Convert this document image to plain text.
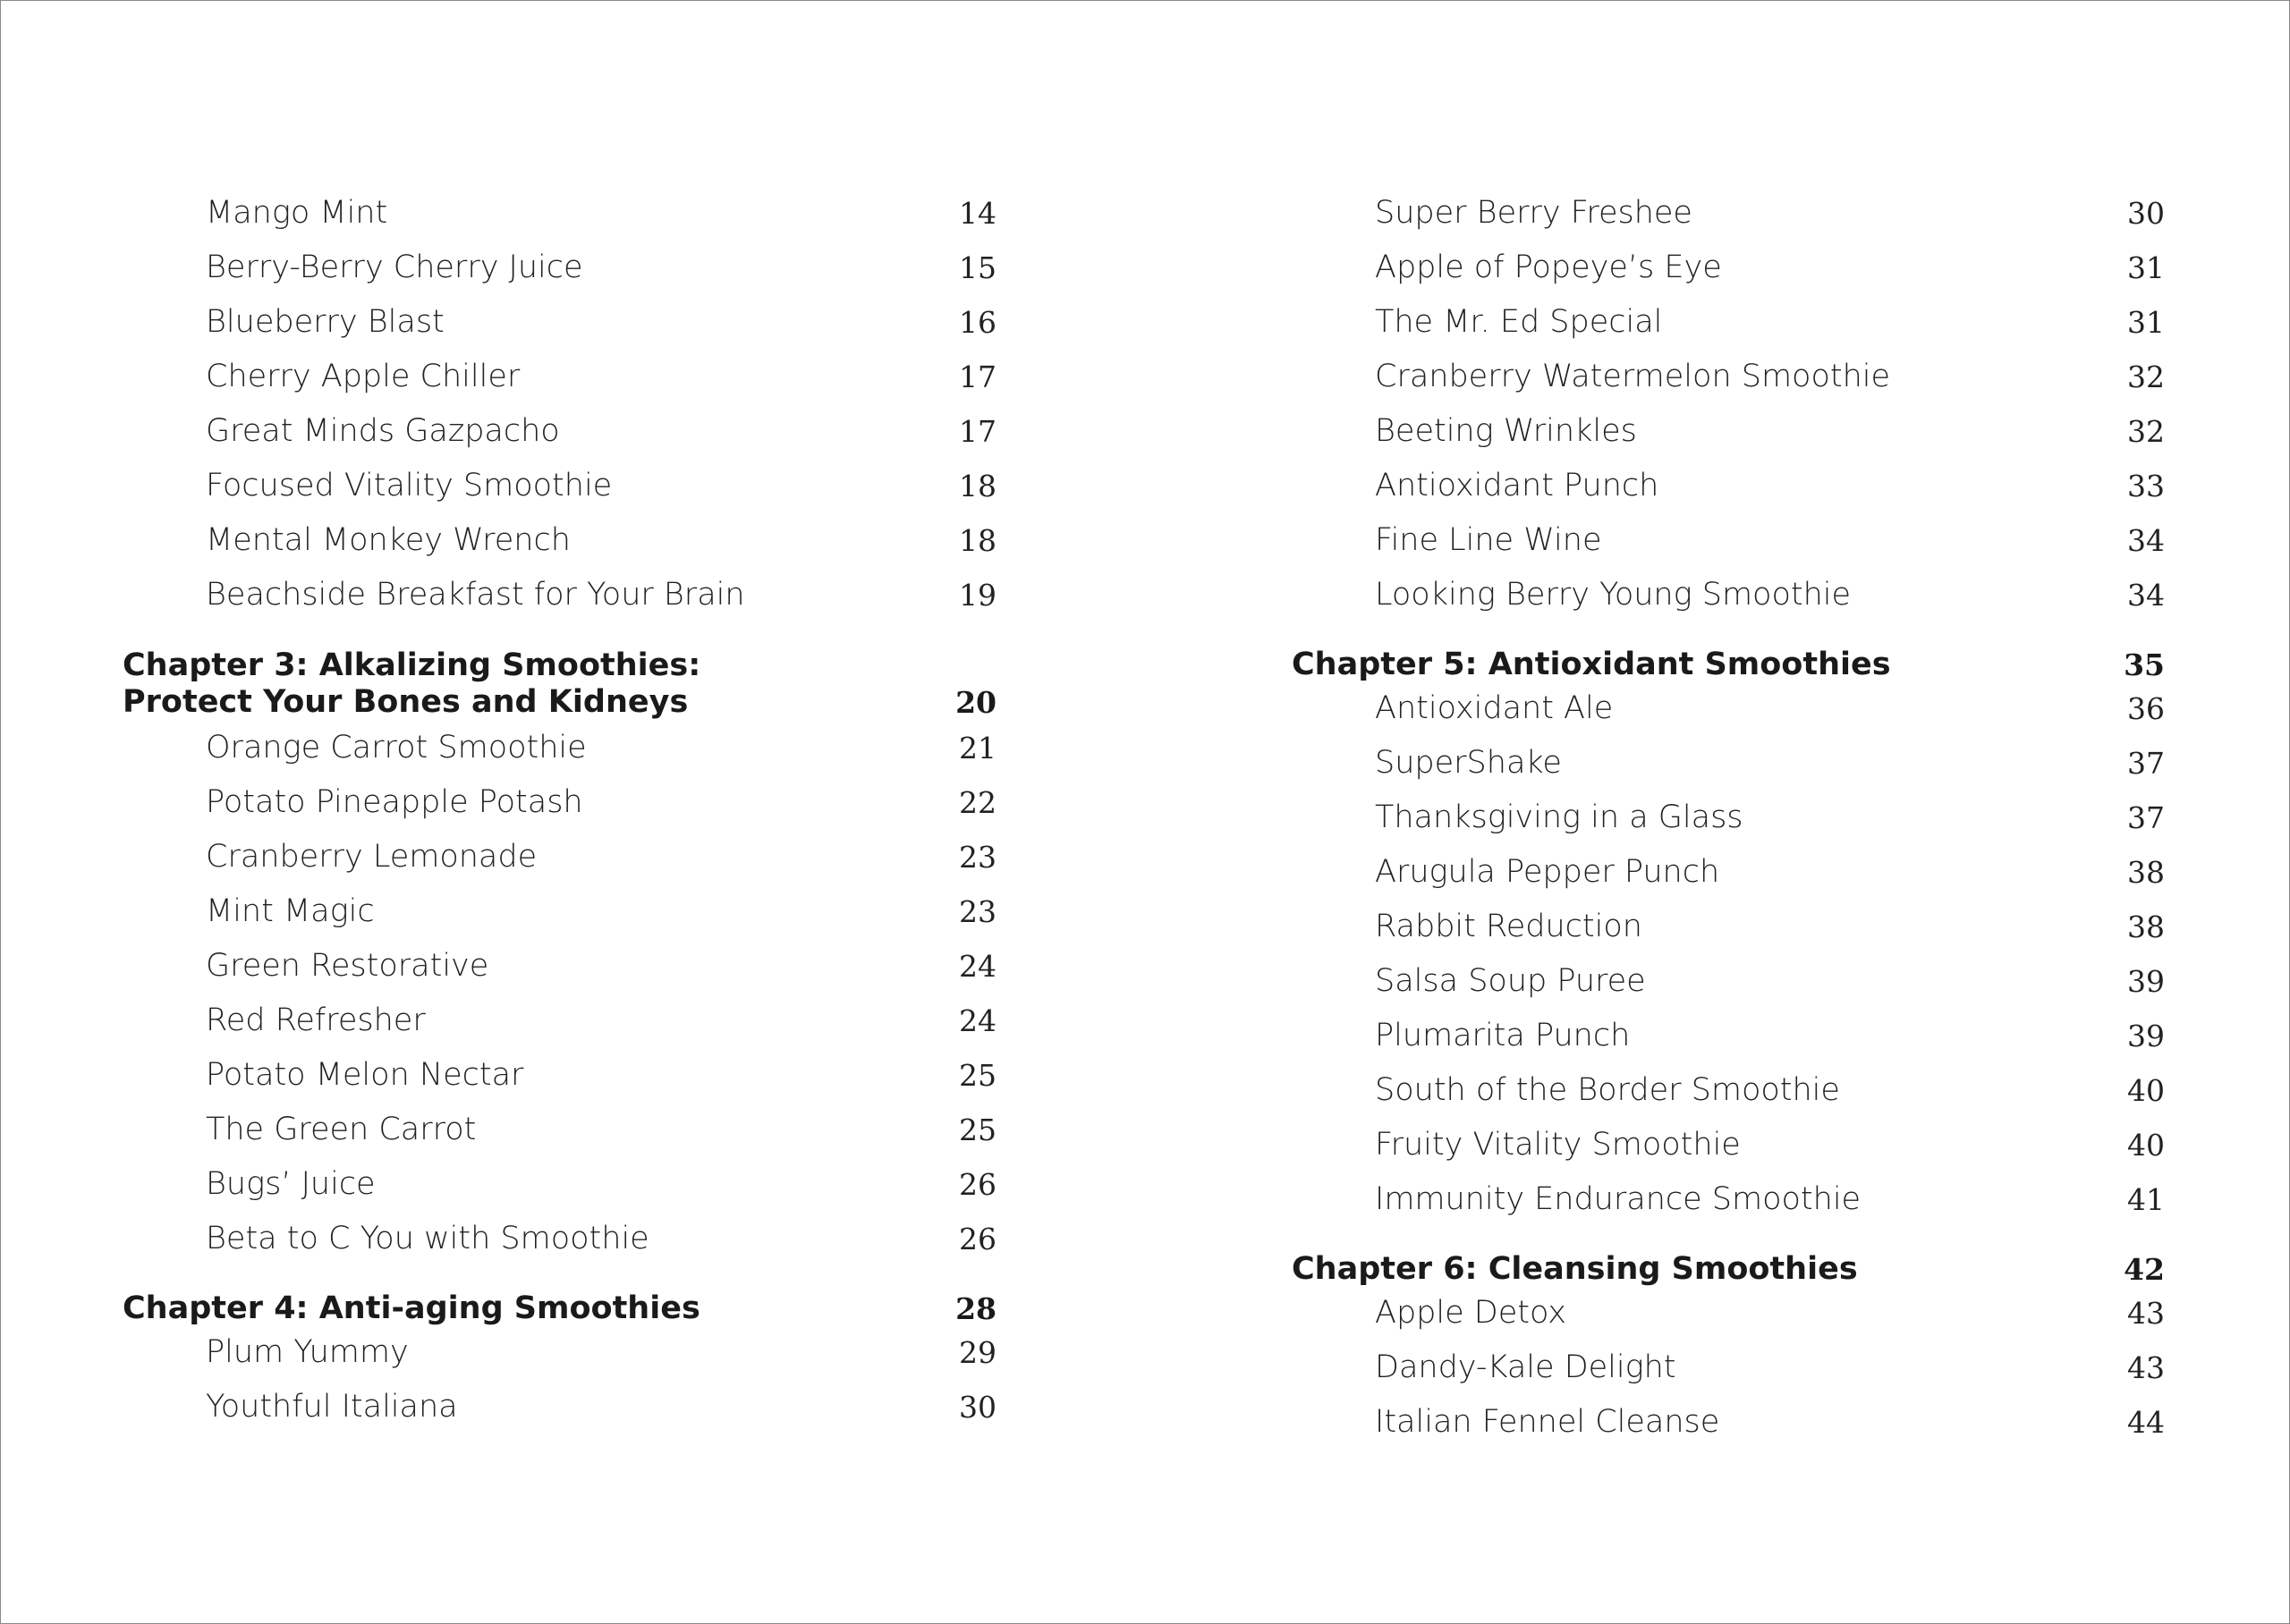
Mango Mint	14
Berry-Berry Cherry Juice	15
Blueberry Blast	16
Cherry Apple Chiller	17
Great Minds Gazpacho	17
Focused Vitality Smoothie	18
Mental Monkey Wrench	18
Beachside Breakfast for Your Brain	19
Chapter 3: Alkalizing Smoothies:
Protect Your Bones and Kidneys	20
Orange Carrot Smoothie	21
Potato Pineapple Potash	22
Cranberry Lemonade	23
Mint Magic	23
Green Restorative	24
Red Refresher	24
Potato Melon Nectar	25
The Green Carrot	25
Bugs’ Juice	26
Beta to C You with Smoothie	26
Chapter 4: Anti-aging Smoothies	28
Plum Yummy	29
Youthful Italiana	30
Super Berry Freshee	30
Apple of Popeye’s Eye	31
The Mr. Ed Special	31
Cranberry Watermelon Smoothie	32
Beeting Wrinkles	32
Antioxidant Punch	33
Fine Line Wine	34
Looking Berry Young Smoothie	34
Chapter 5: Antioxidant Smoothies	35
Antioxidant Ale	36
SuperShake	37
Thanksgiving in a Glass	37
Arugula Pepper Punch	38
Rabbit Reduction	38
Salsa Soup Puree	39
Plumarita Punch	39
South of the Border Smoothie	40
Fruity Vitality Smoothie	40
Immunity Endurance Smoothie	41
Chapter 6: Cleansing Smoothies	42
Apple Detox	43
Dandy-Kale Delight	43
Italian Fennel Cleanse	44
